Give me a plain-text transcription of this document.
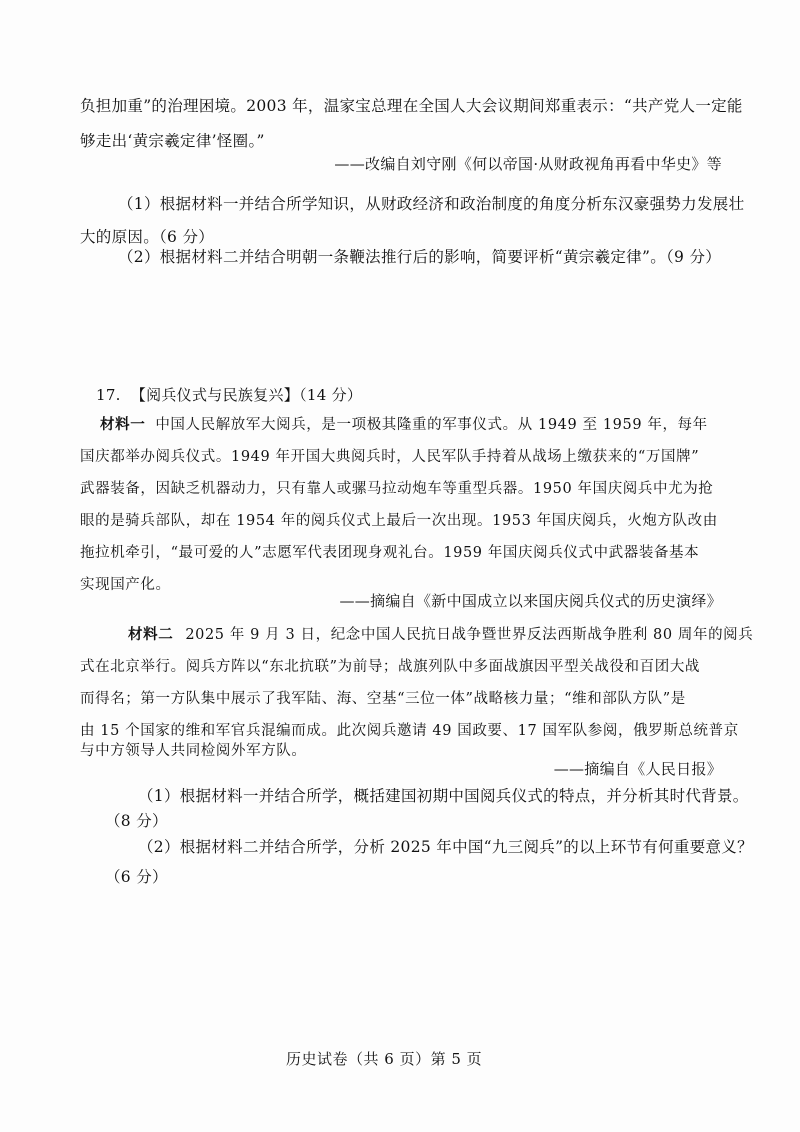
负担加重”的治理困境。2003 年，温家宝总理在全国人大会议期间郑重表示：“共产党人一定能
够走出‘黄宗羲定律’怪圈。”
——改编自刘守刚《何以帝国·从财政视角再看中华史》等
（1）根据材料一并结合所学知识，从财政经济和政治制度的角度分析东汉豪强势力发展壮
大的原因。（6 分）
（2）根据材料二并结合明朝一条鞭法推行后的影响，简要评析“黄宗羲定律”。（9 分）
17. 【阅兵仪式与民族复兴】（14 分）
材料一 中国人民解放军大阅兵，是一项极其隆重的军事仪式。从 1949 至 1959 年，每年
国庆都举办阅兵仪式。1949 年开国大典阅兵时，人民军队手持着从战场上缴获来的“万国牌”
武器装备，因缺乏机器动力，只有靠人或骡马拉动炮车等重型兵器。1950 年国庆阅兵中尤为抢
眼的是骑兵部队，却在 1954 年的阅兵仪式上最后一次出现。1953 年国庆阅兵，火炮方队改由
拖拉机牵引，“最可爱的人”志愿军代表团现身观礼台。1959 年国庆阅兵仪式中武器装备基本
实现国产化。
——摘编自《新中国成立以来国庆阅兵仪式的历史演绎》
材料二 2025 年 9 月 3 日，纪念中国人民抗日战争暨世界反法西斯战争胜利 80 周年的阅兵
式在北京举行。阅兵方阵以“东北抗联”为前导；战旗列队中多面战旗因平型关战役和百团大战
而得名；第一方队集中展示了我军陆、海、空基“三位一体”战略核力量；“维和部队方队”是
由 15 个国家的维和军官兵混编而成。此次阅兵邀请 49 国政要、17 国军队参阅，俄罗斯总统普京
与中方领导人共同检阅外军方队。
——摘编自《人民日报》
（1）根据材料一并结合所学，概括建国初期中国阅兵仪式的特点，并分析其时代背景。
（8 分）
（2）根据材料二并结合所学，分析 2025 年中国“九三阅兵”的以上环节有何重要意义？
（6 分）
历史试卷（共 6 页）第 5 页
